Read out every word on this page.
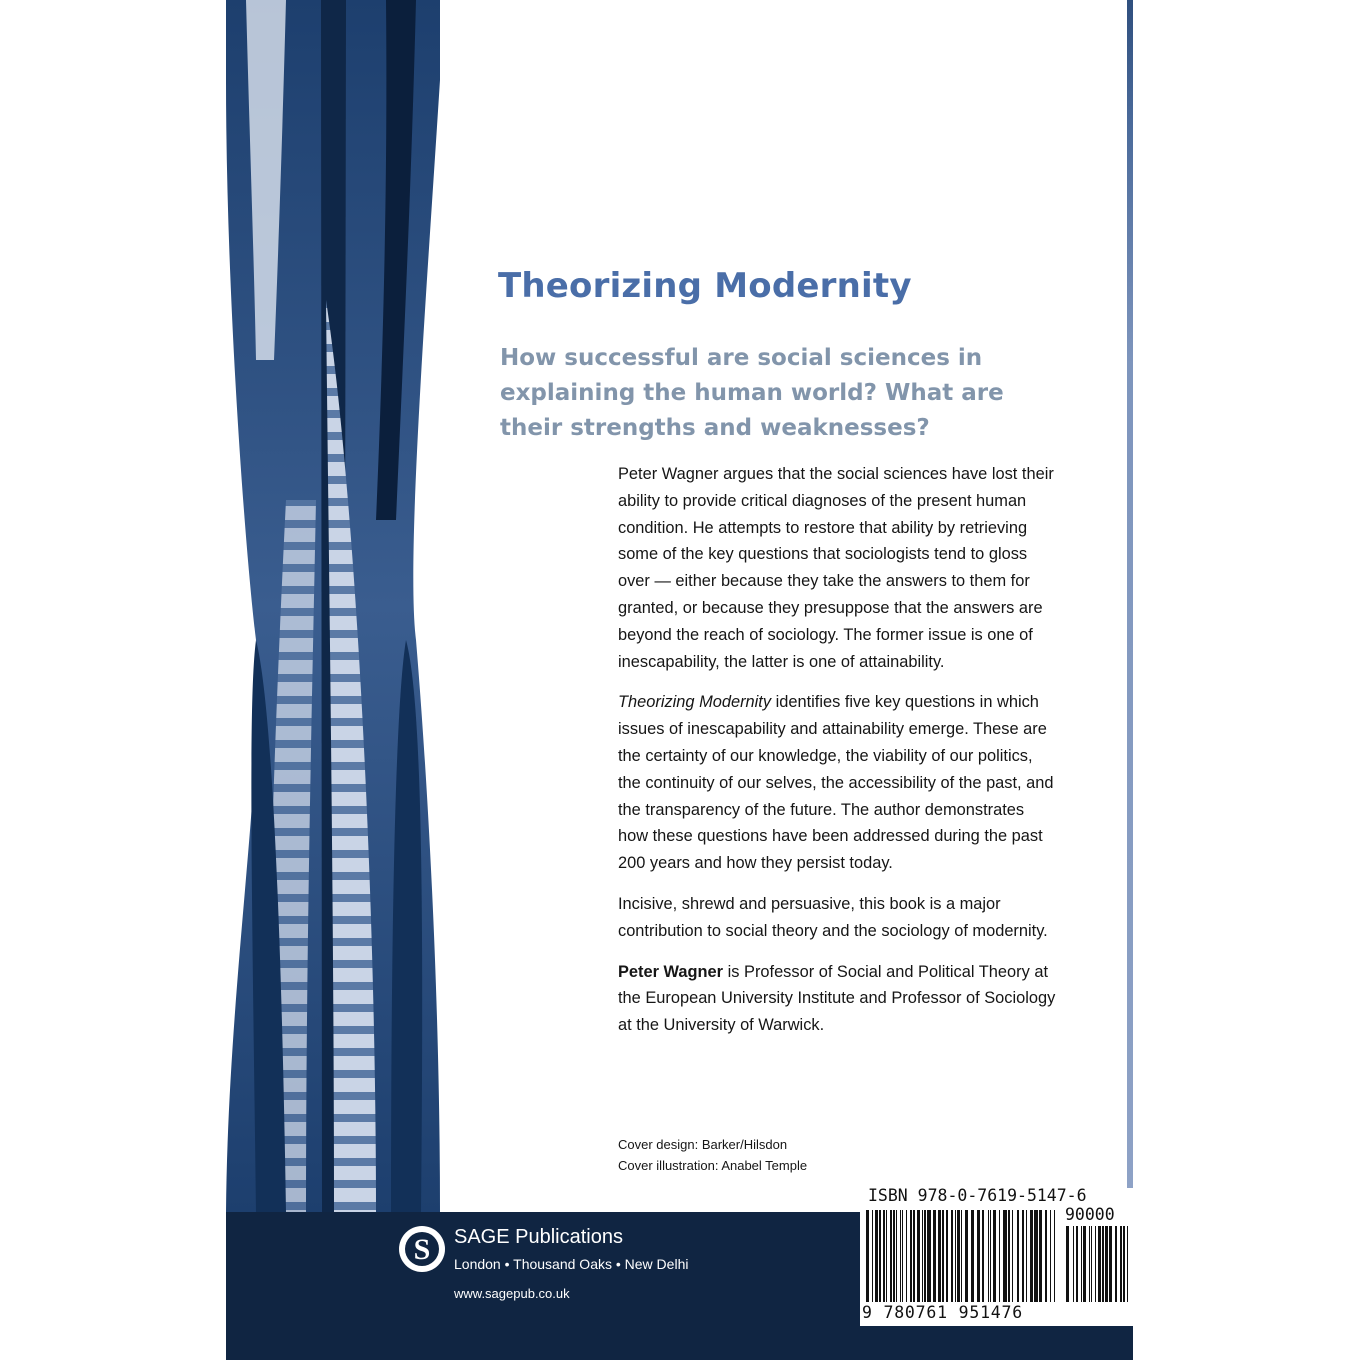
Theorizing Modernity

How successful are social sciences in explaining the human world? What are their strengths and weaknesses?

Peter Wagner argues that the social sciences have lost their ability to provide critical diagnoses of the present human condition. He attempts to restore that ability by retrieving some of the key questions that sociologists tend to gloss over — either because they take the answers to them for granted, or because they presuppose that the answers are beyond the reach of sociology. The former issue is one of inescapability, the latter is one of attainability.

Theorizing Modernity identifies five key questions in which issues of inescapability and attainability emerge. These are the certainty of our knowledge, the viability of our politics, the continuity of our selves, the accessibility of the past, and the transparency of the future. The author demonstrates how these questions have been addressed during the past 200 years and how they persist today.

Incisive, shrewd and persuasive, this book is a major contribution to social theory and the sociology of modernity.

Peter Wagner is Professor of Social and Political Theory at the European University Institute and Professor of Sociology at the University of Warwick.

Cover design: Barker/Hilsdon
Cover illustration: Anabel Temple
S SAGE Publications

London • Thousand Oaks • New Delhi

www.sagepub.co.uk

ISBN 978-0-7619-5147-6

90000

9 780761 951476
